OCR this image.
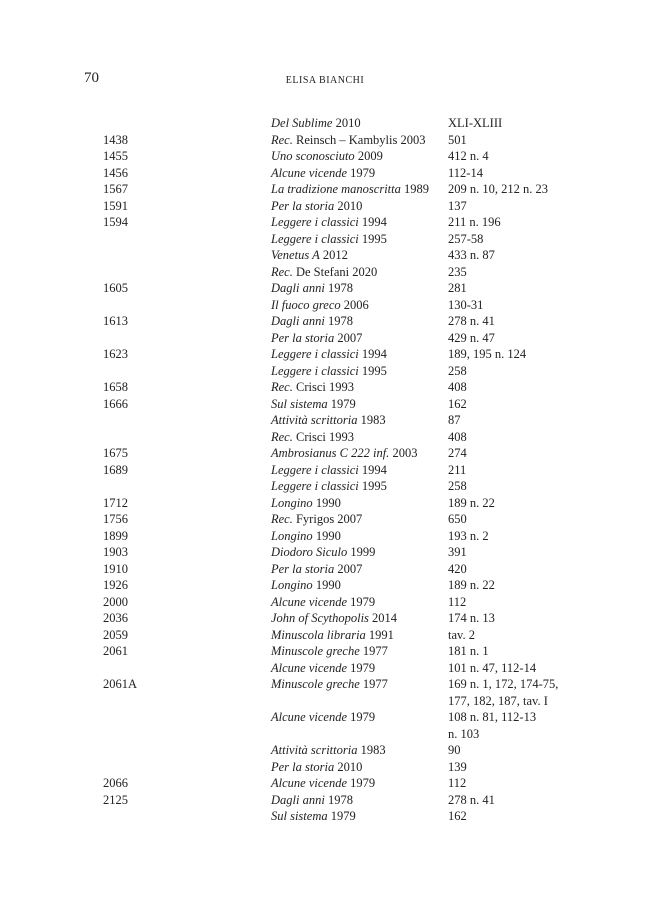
70	ELISA BIANCHI
Del Sublime 2010	XLI-XLIII
1438	Rec. Reinsch – Kambylis 2003	501
1455	Uno sconosciuto 2009	412 n. 4
1456	Alcune vicende 1979	112-14
1567	La tradizione manoscritta 1989	209 n. 10, 212 n. 23
1591	Per la storia 2010	137
1594	Leggere i classici 1994	211 n. 196
Leggere i classici 1995	257-58
Venetus A 2012	433 n. 87
Rec. De Stefani 2020	235
1605	Dagli anni 1978	281
Il fuoco greco 2006	130-31
1613	Dagli anni 1978	278 n. 41
Per la storia 2007	429 n. 47
1623	Leggere i classici 1994	189, 195 n. 124
Leggere i classici 1995	258
1658	Rec. Crisci 1993	408
1666	Sul sistema 1979	162
Attività scrittoria 1983	87
Rec. Crisci 1993	408
1675	Ambrosianus C 222 inf. 2003	274
1689	Leggere i classici 1994	211
Leggere i classici 1995	258
1712	Longino 1990	189 n. 22
1756	Rec. Fyrigos 2007	650
1899	Longino 1990	193 n. 2
1903	Diodoro Siculo 1999	391
1910	Per la storia 2007	420
1926	Longino 1990	189 n. 22
2000	Alcune vicende 1979	112
2036	John of Scythopolis 2014	174 n. 13
2059	Minuscola libraria 1991	tav. 2
2061	Minuscole greche 1977	181 n. 1
Alcune vicende 1979	101 n. 47, 112-14
2061A	Minuscole greche 1977	169 n. 1, 172, 174-75,
177, 182, 187, tav. I
Alcune vicende 1979	108 n. 81, 112-13
n. 103
Attività scrittoria 1983	90
Per la storia 2010	139
2066	Alcune vicende 1979	112
2125	Dagli anni 1978	278 n. 41
Sul sistema 1979	162
